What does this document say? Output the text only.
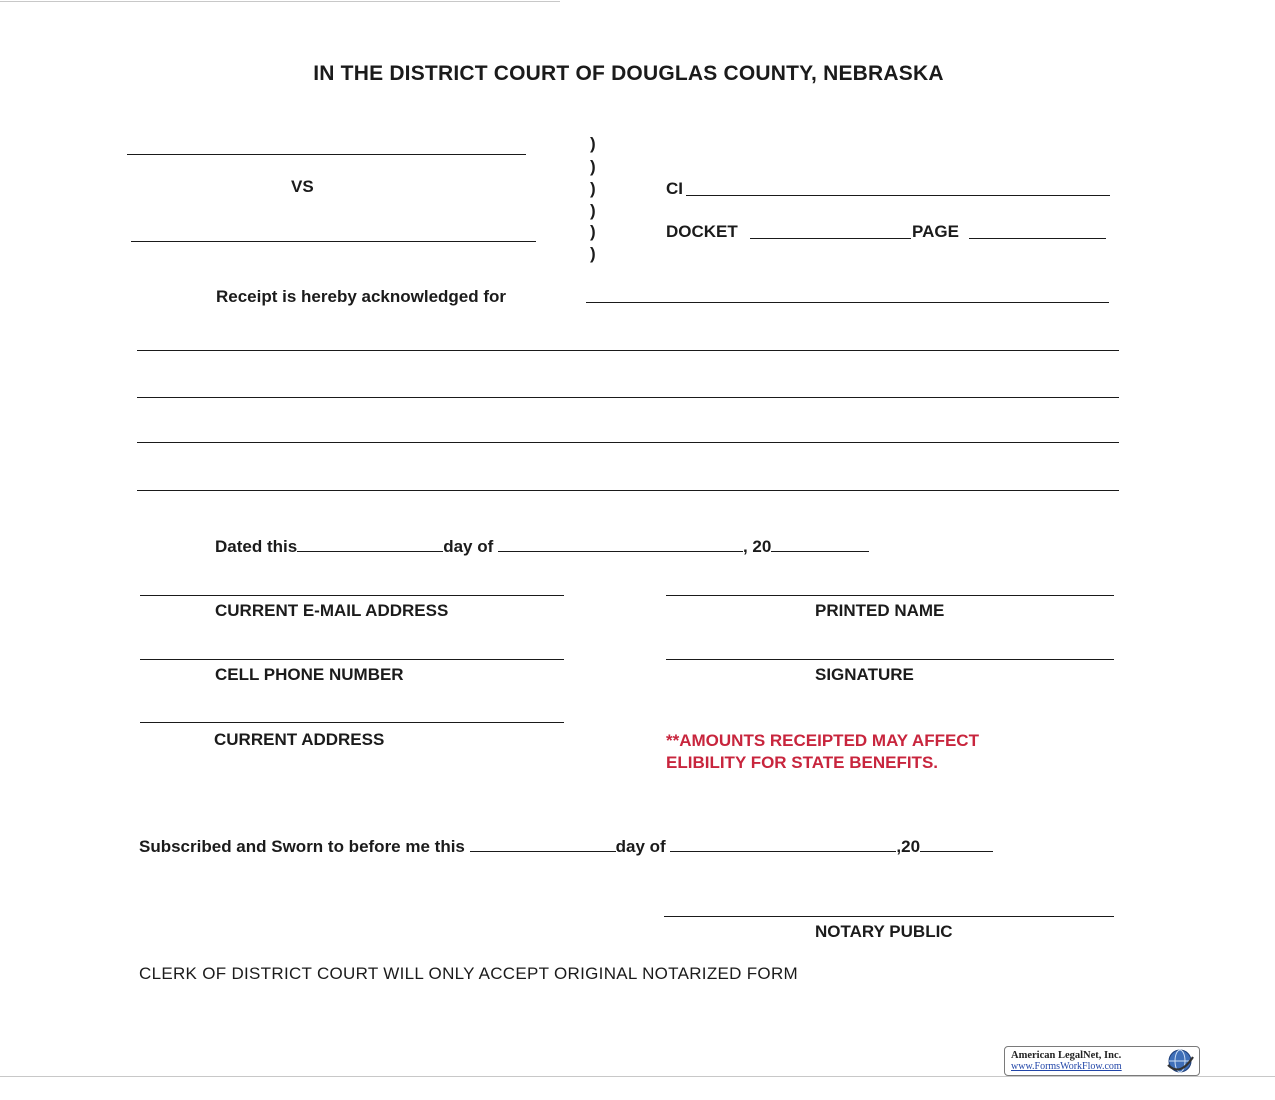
IN THE DISTRICT COURT OF DOUGLAS COUNTY, NEBRASKA
VS
)
)
)
)
)
)
CI
DOCKET	PAGE
Receipt is hereby acknowledged for
Dated this	day of	, 20
CURRENT E-MAIL ADDRESS
CELL PHONE NUMBER
CURRENT ADDRESS
PRINTED NAME
SIGNATURE
**AMOUNTS RECEIPTED MAY AFFECT
ELIBILITY FOR STATE BENEFITS.
Subscribed and Sworn to before me this	day of	,20
NOTARY PUBLIC
CLERK OF DISTRICT COURT WILL ONLY ACCEPT ORIGINAL NOTARIZED FORM
American LegalNet, Inc.
www.FormsWorkFlow.com
